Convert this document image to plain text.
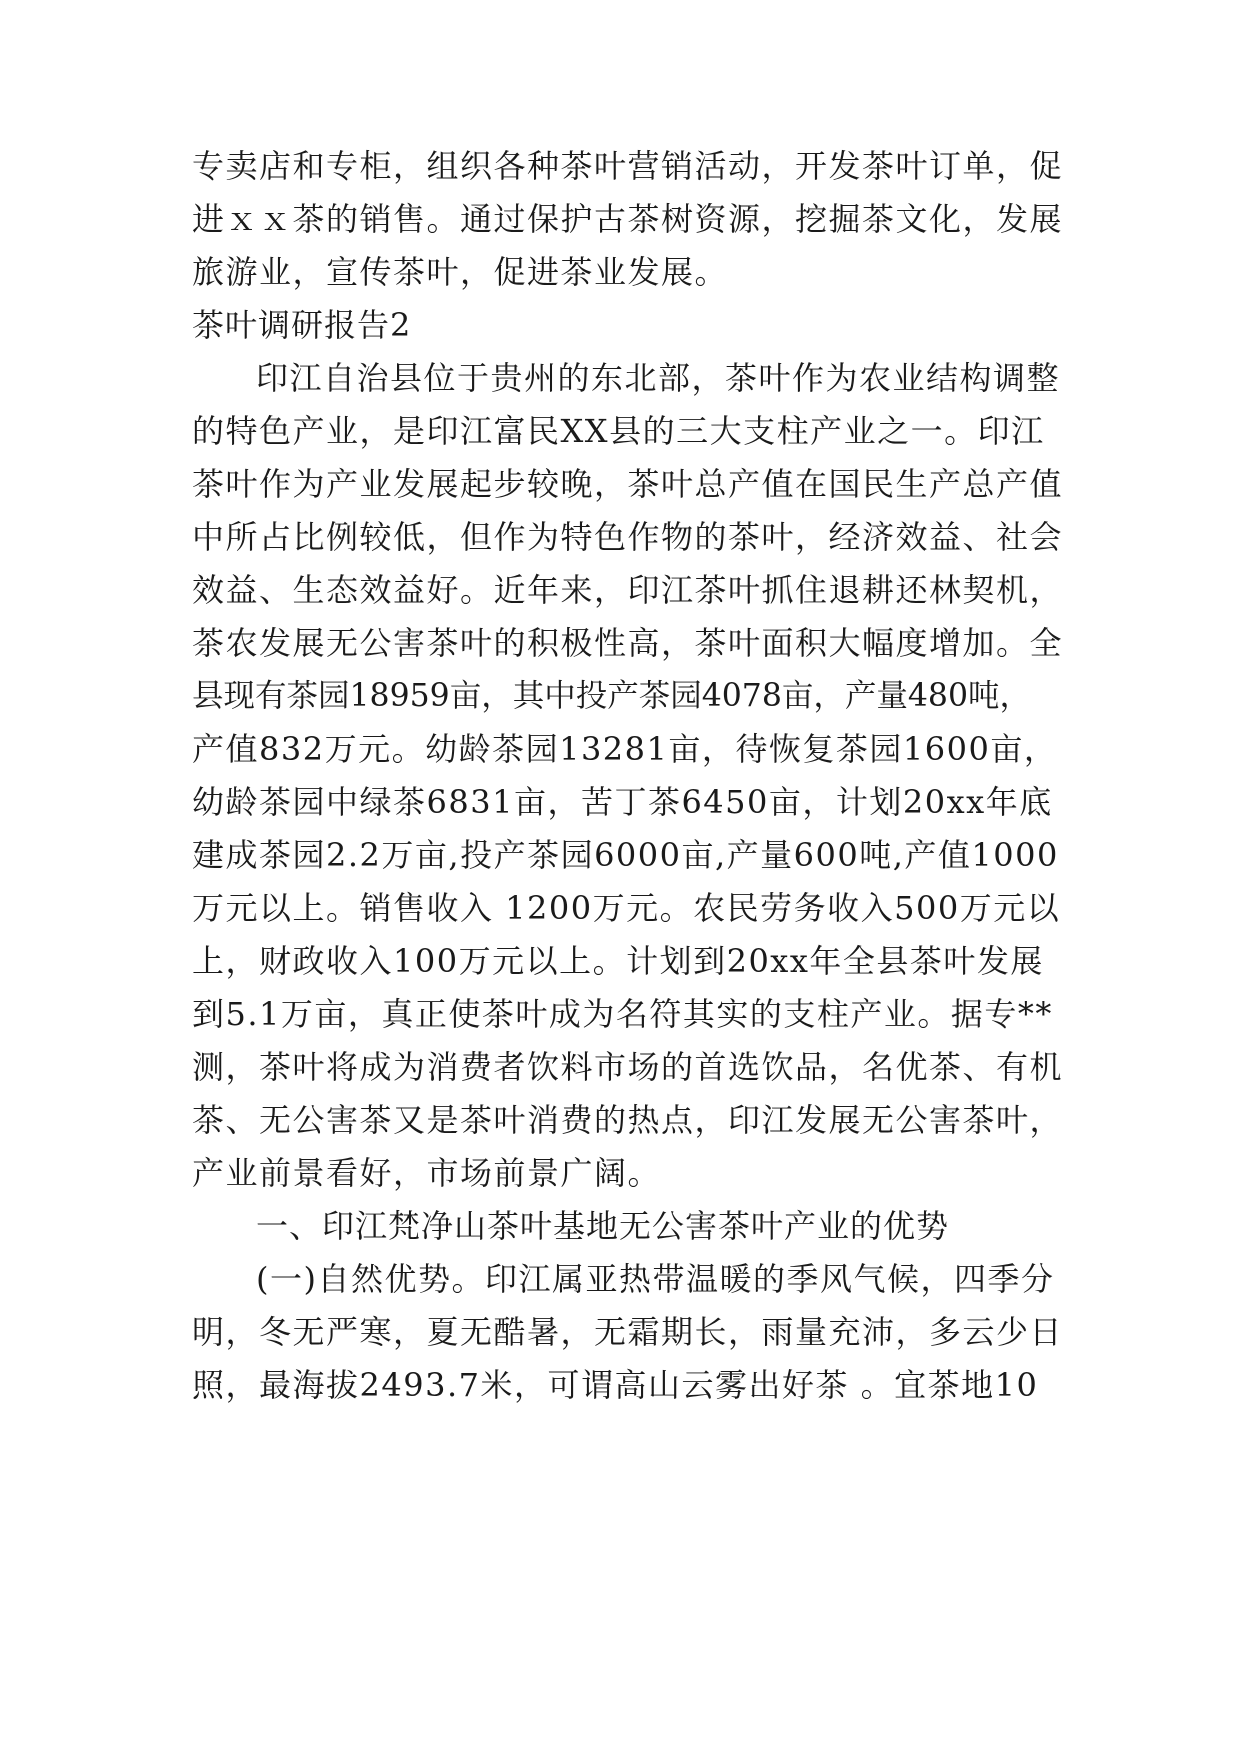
专卖店和专柜，组织各种茶叶营销活动，开发茶叶订单，促
进ｘｘ茶的销售。通过保护古茶树资源，挖掘茶文化，发展
旅游业，宣传茶叶，促进茶业发展。
茶叶调研报告2
印江自治县位于贵州的东北部，茶叶作为农业结构调整
的特色产业，是印江富民XX县的三大支柱产业之一。印江
茶叶作为产业发展起步较晚，茶叶总产值在国民生产总产值
中所占比例较低，但作为特色作物的茶叶，经济效益、社会
效益、生态效益好。近年来，印江茶叶抓住退耕还林契机，
茶农发展无公害茶叶的积极性高，茶叶面积大幅度增加。全
县现有茶园18959亩，其中投产茶园4078亩，产量480吨，
产值832万元。幼龄茶园13281亩，待恢复茶园1600亩，
幼龄茶园中绿茶6831亩，苦丁茶6450亩，计划20xx年底
建成茶园2.2万亩,投产茶园6000亩,产量600吨,产值1000
万元以上。销售收入 1200万元。农民劳务收入500万元以
上，财政收入100万元以上。计划到20xx年全县茶叶发展
到5.1万亩，真正使茶叶成为名符其实的支柱产业。据专**
测，茶叶将成为消费者饮料市场的首选饮品，名优茶、有机
茶、无公害茶又是茶叶消费的热点，印江发展无公害茶叶，
产业前景看好，市场前景广阔。
一、印江梵净山茶叶基地无公害茶叶产业的优势
(一)自然优势。印江属亚热带温暖的季风气候，四季分
明，冬无严寒，夏无酷暑，无霜期长，雨量充沛，多云少日
照，最海拔2493.7米，可谓高山云雾出好茶 。宜茶地10
